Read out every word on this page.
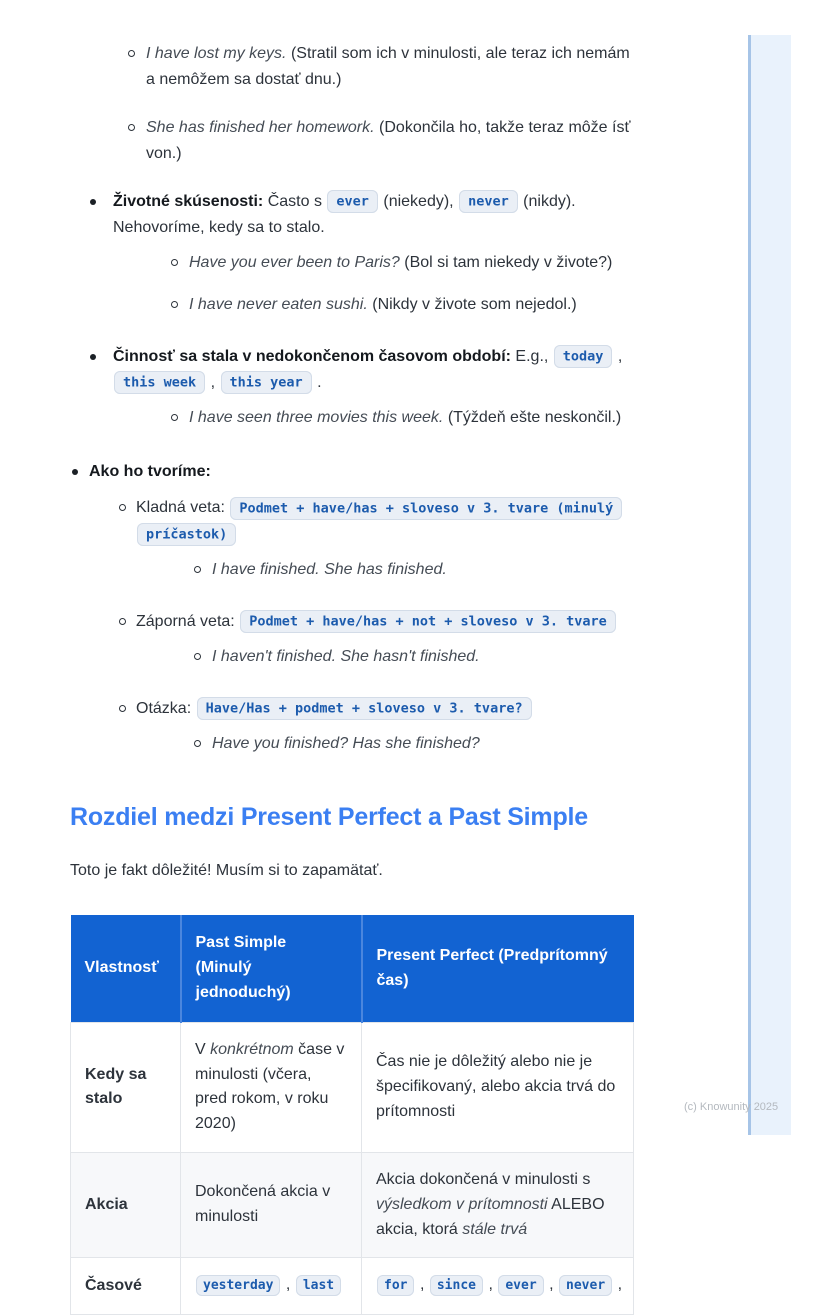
I have lost my keys. (Stratil som ich v minulosti, ale teraz ich nemám a nemôžem sa dostať dnu.)
She has finished her homework. (Dokončila ho, takže teraz môže ísť von.)
Životné skúsenosti: Často s ever (niekedy), never (nikdy). Nehovoríme, kedy sa to stalo.
Have you ever been to Paris? (Bol si tam niekedy v živote?)
I have never eaten sushi. (Nikdy v živote som nejedol.)
Činnosť sa stala v nedokončenom časovom období: E.g., today , this week , this year .
I have seen three movies this week. (Týždeň ešte neskončil.)
Ako ho tvoríme:
Kladná veta: Podmet + have/has + sloveso v 3. tvare (minulý príčastok)
I have finished. She has finished.
Záporná veta: Podmet + have/has + not + sloveso v 3. tvare
I haven't finished. She hasn't finished.
Otázka: Have/Has + podmet + sloveso v 3. tvare?
Have you finished? Has she finished?
Rozdiel medzi Present Perfect a Past Simple

Toto je fakt dôležité! Musím si to zapamätať.

Vlastnosť	Past Simple (Minulý jednoduchý)	Present Perfect (Predprítomný čas)
Kedy sa stalo	V konkrétnom čase v minulosti (včera, pred rokom, v roku 2020)	Čas nie je dôležitý alebo nie je špecifikovaný, alebo akcia trvá do prítomnosti
Akcia	Dokončená akcia v minulosti	Akcia dokončená v minulosti s výsledkom v prítomnosti ALEBO akcia, ktorá stále trvá
Časové	yesterday , last	for , since , ever , never ,
(c) Knowunity 2025
